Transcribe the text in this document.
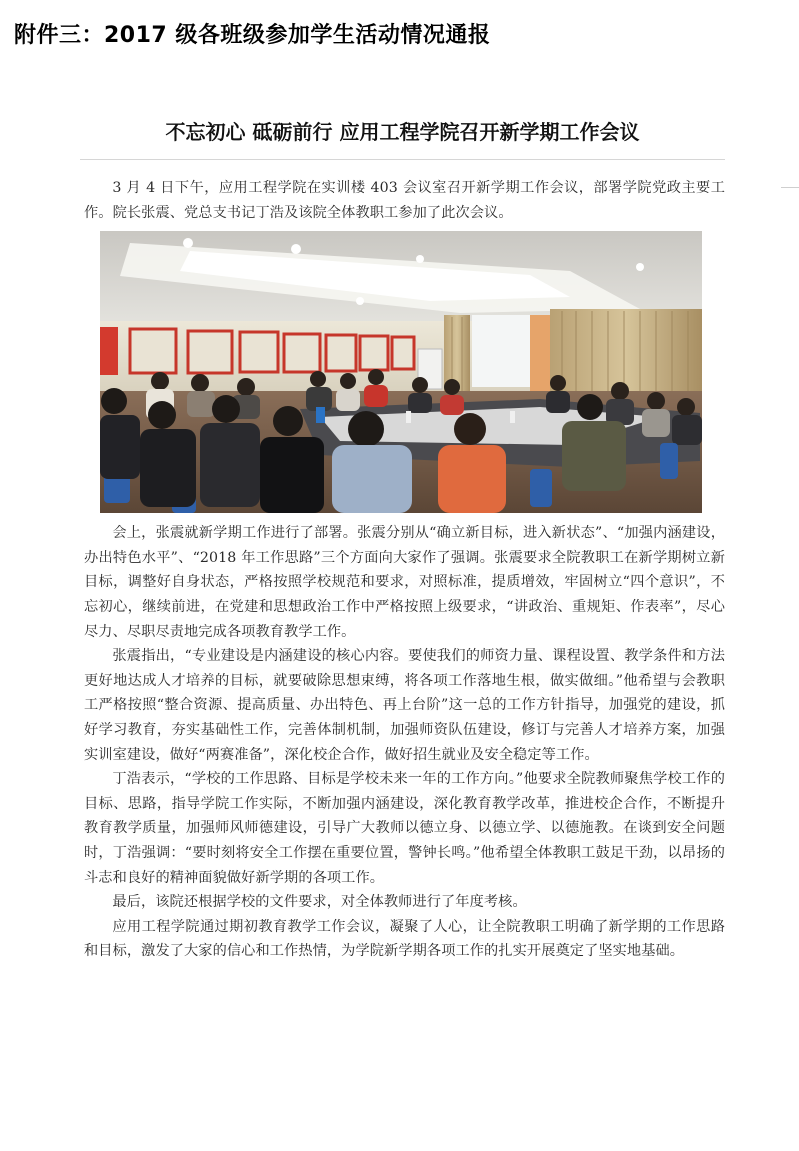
附件三：2017 级各班级参加学生活动情况通报
不忘初心 砥砺前行 应用工程学院召开新学期工作会议

3 月 4 日下午，应用工程学院在实训楼 403 会议室召开新学期工作会议，部署学院党政主要工作。院长张震、党总支书记丁浩及该院全体教职工参加了此次会议。

会上，张震就新学期工作进行了部署。张震分别从“确立新目标，进入新状态”、“加强内涵建设，办出特色水平”、“2018 年工作思路”三个方面向大家作了强调。张震要求全院教职工在新学期树立新目标，调整好自身状态，严格按照学校规范和要求，对照标准，提质增效，牢固树立“四个意识”，不忘初心，继续前进，在党建和思想政治工作中严格按照上级要求，“讲政治、重规矩、作表率”，尽心尽力、尽职尽责地完成各项教育教学工作。

张震指出，“专业建设是内涵建设的核心内容。要使我们的师资力量、课程设置、教学条件和方法更好地达成人才培养的目标，就要破除思想束缚，将各项工作落地生根，做实做细。”他希望与会教职工严格按照“整合资源、提高质量、办出特色、再上台阶”这一总的工作方针指导，加强党的建设，抓好学习教育，夯实基础性工作，完善体制机制，加强师资队伍建设，修订与完善人才培养方案，加强实训室建设，做好“两赛准备”，深化校企合作，做好招生就业及安全稳定等工作。

丁浩表示，“学校的工作思路、目标是学校未来一年的工作方向。”他要求全院教师聚焦学校工作的目标、思路，指导学院工作实际，不断加强内涵建设，深化教育教学改革，推进校企合作，不断提升教育教学质量，加强师风师德建设，引导广大教师以德立身、以德立学、以德施教。在谈到安全问题时，丁浩强调：“要时刻将安全工作摆在重要位置，警钟长鸣。”他希望全体教职工鼓足干劲，以昂扬的斗志和良好的精神面貌做好新学期的各项工作。

最后，该院还根据学校的文件要求，对全体教师进行了年度考核。

应用工程学院通过期初教育教学工作会议，凝聚了人心，让全院教职工明确了新学期的工作思路和目标，激发了大家的信心和工作热情，为学院新学期各项工作的扎实开展奠定了坚实地基础。
